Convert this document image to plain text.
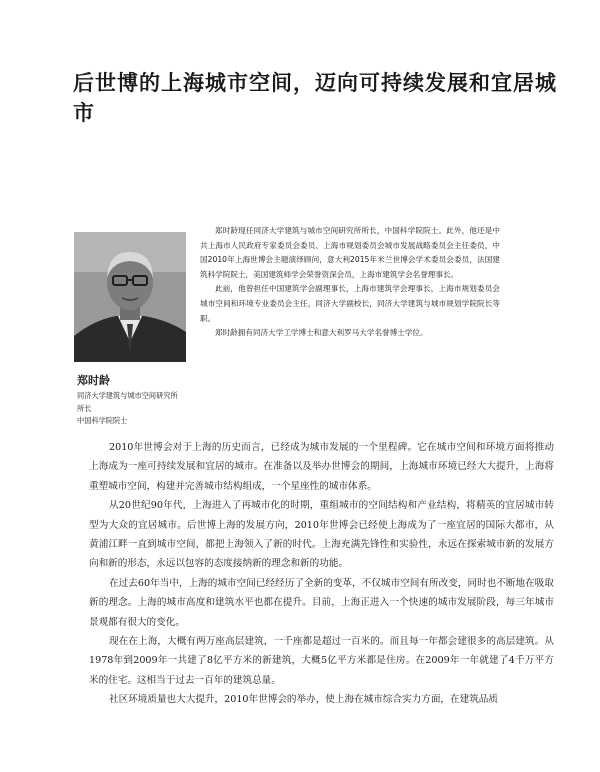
后世博的上海城市空间，迈向可持续发展和宜居城市

郑时龄现任同济大学建筑与城市空间研究所所长，中国科学院院士。此外，他还是中共上海市人民政府专家委员会委员、上海市规划委员会城市发展战略委员会主任委员，中国2010年上海世博会主题演绎顾问，意大利2015年米兰世博会学术委员会委员，法国建筑科学院院士，美国建筑师学会荣誉资深会员，上海市建筑学会名誉理事长。

此前，他曾担任中国建筑学会副理事长，上海市建筑学会理事长，上海市规划委员会城市空间和环境专业委员会主任，同济大学副校长，同济大学建筑与城市规划学院院长等职。

郑时龄拥有同济大学工学博士和意大利罗马大学名誉博士学位。

郑时龄
同济大学建筑与城市空间研究所
所长
中国科学院院士

2010年世博会对于上海的历史而言，已经成为城市发展的一个里程碑。它在城市空间和环境方面将推动上海成为一座可持续发展和宜居的城市。在准备以及举办世博会的期间，上海城市环境已经大大提升，上海将重塑城市空间，构建并完善城市结构组成，一个星座性的城市体系。

从20世纪90年代，上海进入了再城市化的时期，重组城市的空间结构和产业结构，将精英的宜居城市转型为大众的宜居城市。后世博上海的发展方向，2010年世博会已经使上海成为了一座宜居的国际大都市，从黄浦江畔一直到城市空间，都把上海领入了新的时代。上海充满先锋性和实验性，永远在探索城市新的发展方向和新的形态，永远以包容的态度接纳新的理念和新的功能。

在过去60年当中，上海的城市空间已经经历了全新的变革，不仅城市空间有所改变，同时也不断地在吸取新的理念。上海的城市高度和建筑水平也都在提升。目前，上海正进入一个快速的城市发展阶段，每三年城市景观都有很大的变化。

现在在上海，大概有两万座高层建筑，一千座都是超过一百米的。而且每一年都会建很多的高层建筑。从1978年到2009年一共建了8亿平方米的新建筑，大概5亿平方米都是住房。在2009年一年就建了4千万平方米的住宅。这相当于过去一百年的建筑总量。

社区环境质量也大大提升，2010年世博会的举办，使上海在城市综合实力方面，在建筑品质
